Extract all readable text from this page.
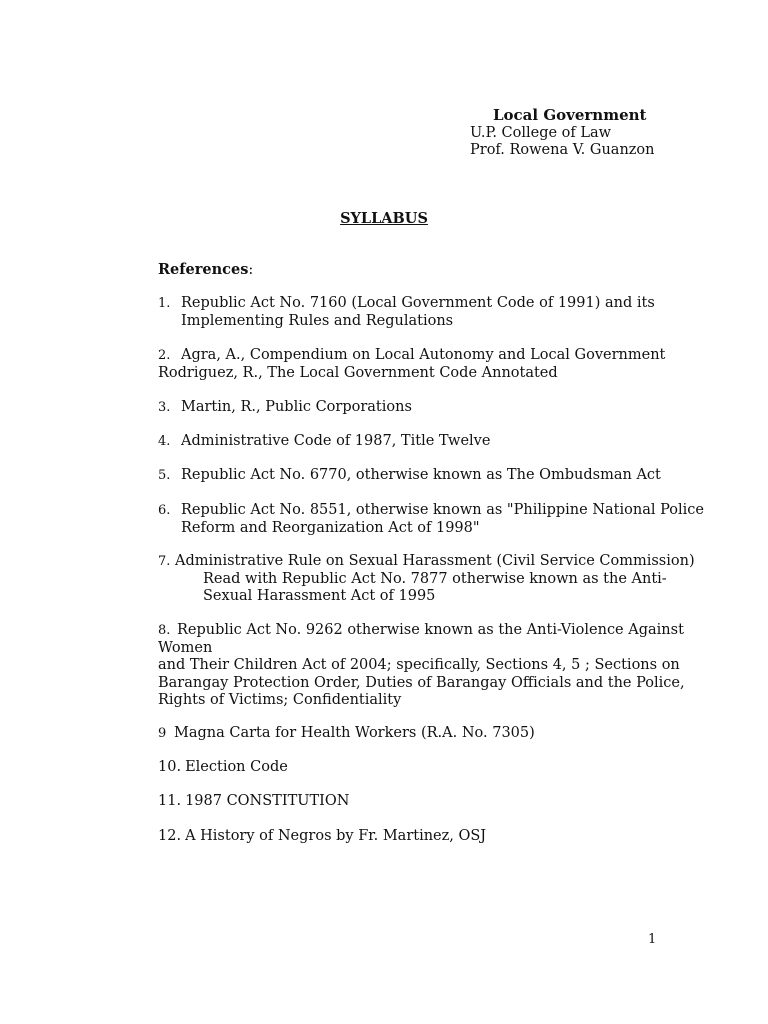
Local Government
U.P. College of Law
Prof. Rowena V. Guanzon
SYLLABUS
References:
1. Republic Act No. 7160 (Local Government Code of 1991) and its
Implementing Rules and Regulations
2. Agra, A., Compendium on Local Autonomy and Local Government
Rodriguez, R., The Local Government Code Annotated
3. Martin, R., Public Corporations
4. Administrative Code of 1987, Title Twelve
5. Republic Act No. 6770, otherwise known as The Ombudsman Act
6. Republic Act No. 8551, otherwise known as "Philippine National Police
Reform and Reorganization Act of 1998"
7. Administrative Rule on Sexual Harassment (Civil Service Commission)
Read with Republic Act No. 7877 otherwise known as the Anti-
Sexual Harassment Act of 1995
8. Republic Act No. 9262 otherwise known as the Anti-Violence Against
Women
and Their Children Act of 2004; specifically, Sections 4, 5 ; Sections on
Barangay Protection Order, Duties of Barangay Officials and the Police,
Rights of Victims; Confidentiality
9 Magna Carta for Health Workers (R.A. No. 7305)
10. Election Code
11. 1987 CONSTITUTION
12. A History of Negros by Fr. Martinez, OSJ
1
